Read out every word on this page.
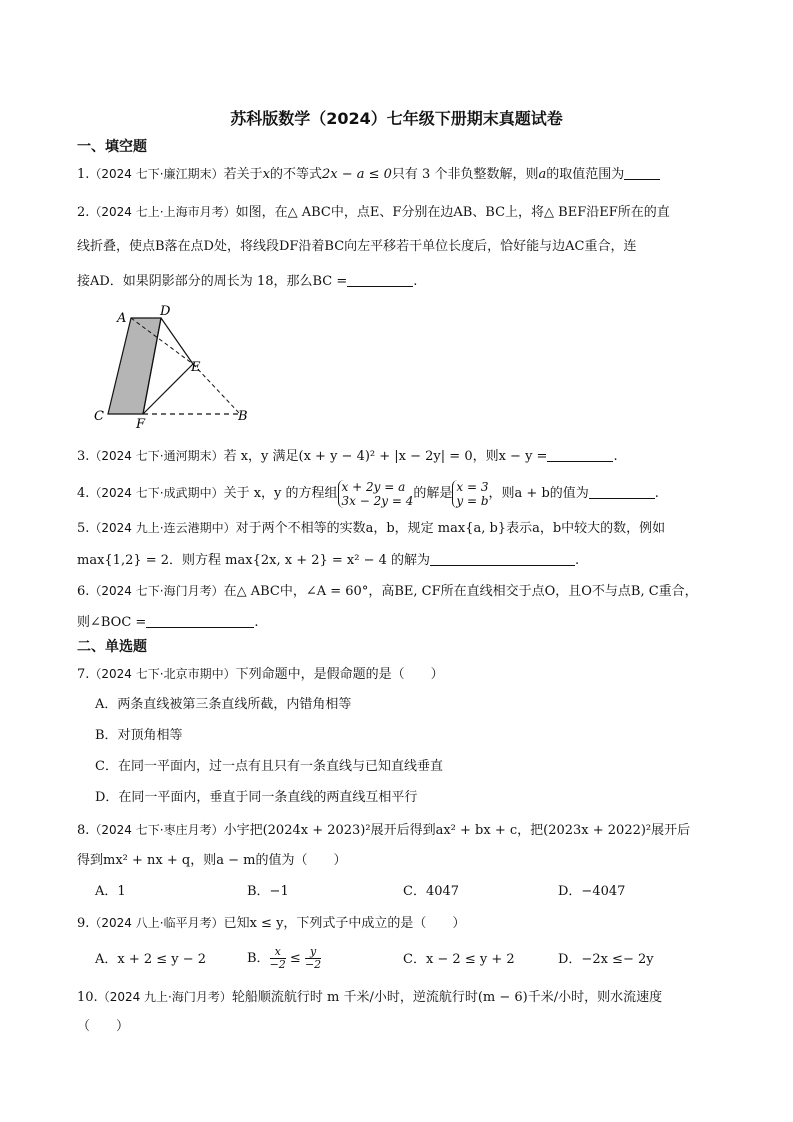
苏科版数学（2024）七年级下册期末真题试卷
一、填空题
1.（2024 七下·廉江期末）若关于x的不等式2x − a ≤ 0只有 3 个非负整数解，则a的取值范围为
2.（2024 七上·上海市月考）如图，在△ ABC中，点E、F分别在边AB、BC上，将△ BEF沿EF所在的直
线折叠，使点B落在点D处，将线段DF沿着BC向左平移若干单位长度后，恰好能与边AC重合，连
接AD．如果阴影部分的周长为 18，那么BC =	.
A	D
E
C
F
B
3.（2024 七下·通河期末）若 x，y 满足(x + y − 4)² + |x − 2y| = 0，则x − y =	.
4.（2024 七下·成武期中）关于 x，y 的方程组 x + 2y = a
3x − 2y = 4 的解是 x = 3
y = b ，则a + b的值为	.
5.（2024 九上·连云港期中）对于两个不相等的实数a，b，规定 max{a, b}表示a，b中较大的数，例如
max{1,2} = 2．则方程 max{2x, x + 2} = x² − 4 的解为	.
6.（2024 七下·海门月考）在△ ABC中，∠A = 60°，高BE, CF所在直线相交于点O，且O不与点B, C重合，
则∠BOC =	.
二、单选题
7.（2024 七下·北京市期中）下列命题中，是假命题的是（　　）
A．两条直线被第三条直线所截，内错角相等
B．对顶角相等
C．在同一平面内，过一点有且只有一条直线与已知直线垂直
D．在同一平面内，垂直于同一条直线的两直线互相平行
8.（2024 七下·枣庄月考）小宇把(2024x + 2023)²展开后得到ax² + bx + c，把(2023x + 2022)²展开后
得到mx² + nx + q，则a − m的值为（　　）
A．1	B．−1	C．4047	D．−4047
9.（2024 八上·临平月考）已知x ≤ y，下列式子中成立的是（　　）
A．x + 2 ≤ y − 2	B． $\frac{x}{-2} \le \frac{y}{-2}$	C．x − 2 ≤ y + 2	D．−2x ≤− 2y
10.（2024 九上·海门月考）轮船顺流航行时 m 千米/小时，逆流航行时(m − 6)千米/小时，则水流速度
（　　）
